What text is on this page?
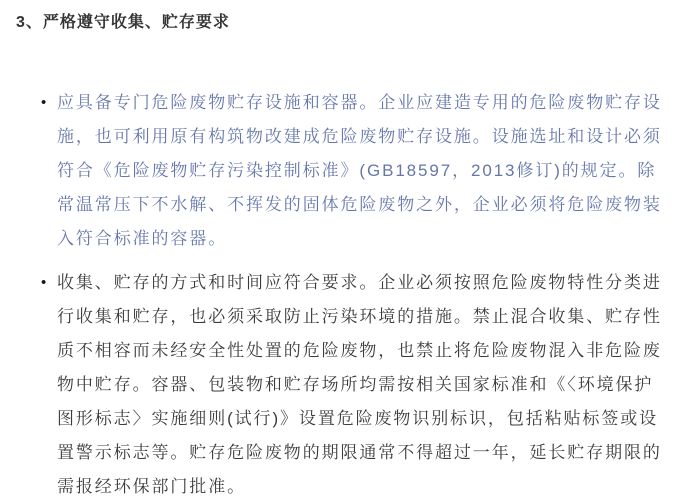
3、严格遵守收集、贮存要求
• 应具备专门危险废物贮存设施和容器。企业应建造专用的危险废物贮存设施，也可利用原有构筑物改建成危险废物贮存设施。设施选址和设计必须符合《危险废物贮存污染控制标准》(GB18597，2013修订)的规定。除常温常压下不水解、不挥发的固体危险废物之外，企业必须将危险废物装入符合标准的容器。
• 收集、贮存的方式和时间应符合要求。企业必须按照危险废物特性分类进行收集和贮存，也必须采取防止污染环境的措施。禁止混合收集、贮存性质不相容而未经安全性处置的危险废物，也禁止将危险废物混入非危险废物中贮存。容器、包装物和贮存场所均需按相关国家标准和《〈环境保护图形标志〉实施细则(试行)》设置危险废物识别标识，包括粘贴标签或设置警示标志等。贮存危险废物的期限通常不得超过一年，延长贮存期限的需报经环保部门批准。
